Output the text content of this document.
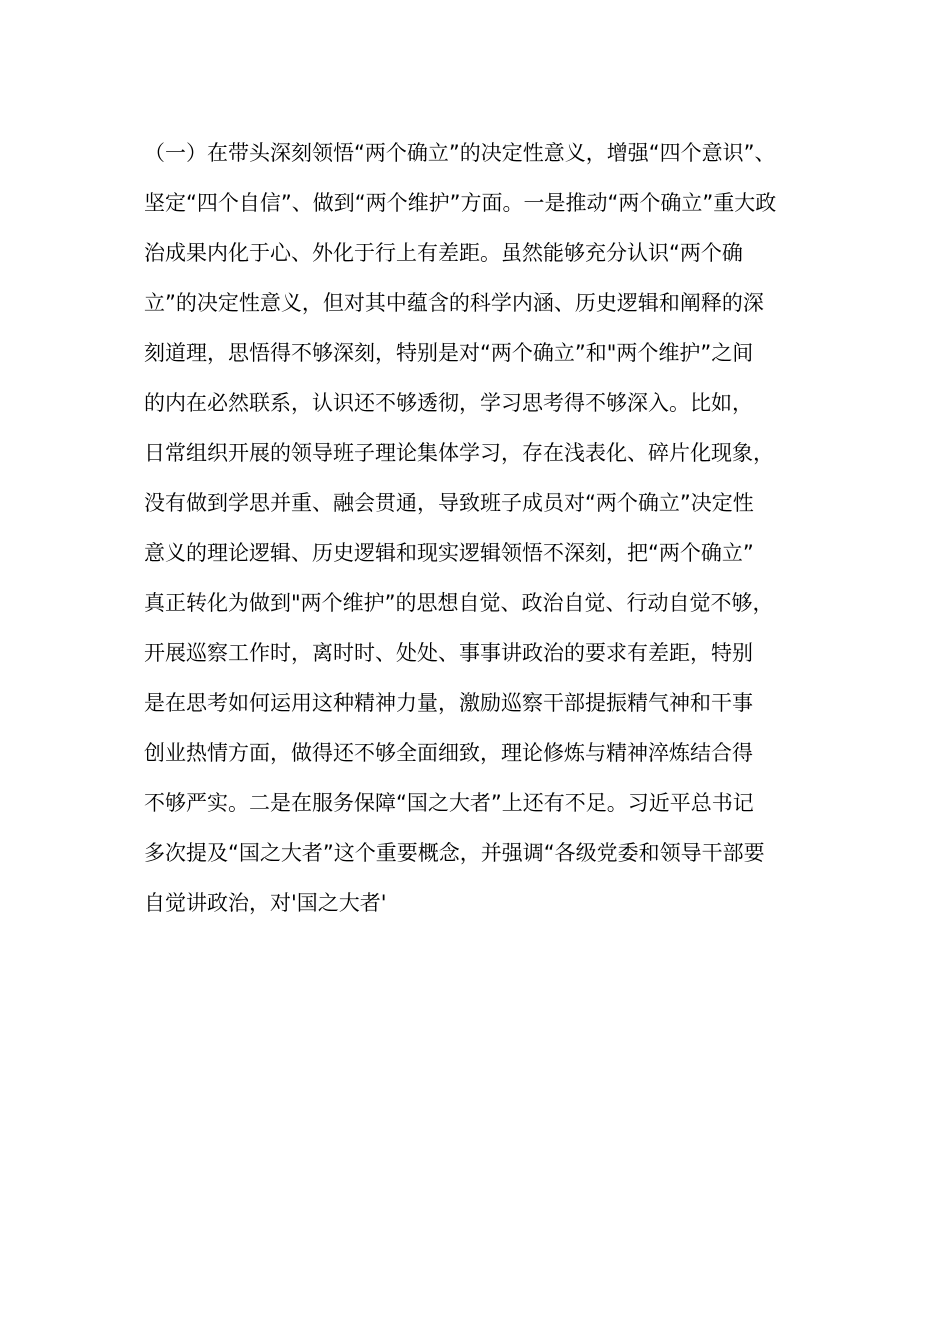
（一）在带头深刻领悟“两个确立”的决定性意义，增强“四个意识”、
坚定“四个自信”、做到“两个维护”方面。一是推动“两个确立”重大政
治成果内化于心、外化于行上有差距。虽然能够充分认识“两个确
立”的决定性意义，但对其中蕴含的科学内涵、历史逻辑和阐释的深
刻道理，思悟得不够深刻，特别是对“两个确立”和"两个维护”之间
的内在必然联系，认识还不够透彻，学习思考得不够深入。比如，
日常组织开展的领导班子理论集体学习，存在浅表化、碎片化现象，
没有做到学思并重、融会贯通，导致班子成员对“两个确立”决定性
意义的理论逻辑、历史逻辑和现实逻辑领悟不深刻，把“两个确立”
真正转化为做到"两个维护”的思想自觉、政治自觉、行动自觉不够，
开展巡察工作时，离时时、处处、事事讲政治的要求有差距，特别
是在思考如何运用这种精神力量，激励巡察干部提振精气神和干事
创业热情方面，做得还不够全面细致，理论修炼与精神淬炼结合得
不够严实。二是在服务保障“国之大者”上还有不足。习近平总书记
多次提及“国之大者”这个重要概念，并强调“各级党委和领导干部要
自觉讲政治，对'国之大者'
